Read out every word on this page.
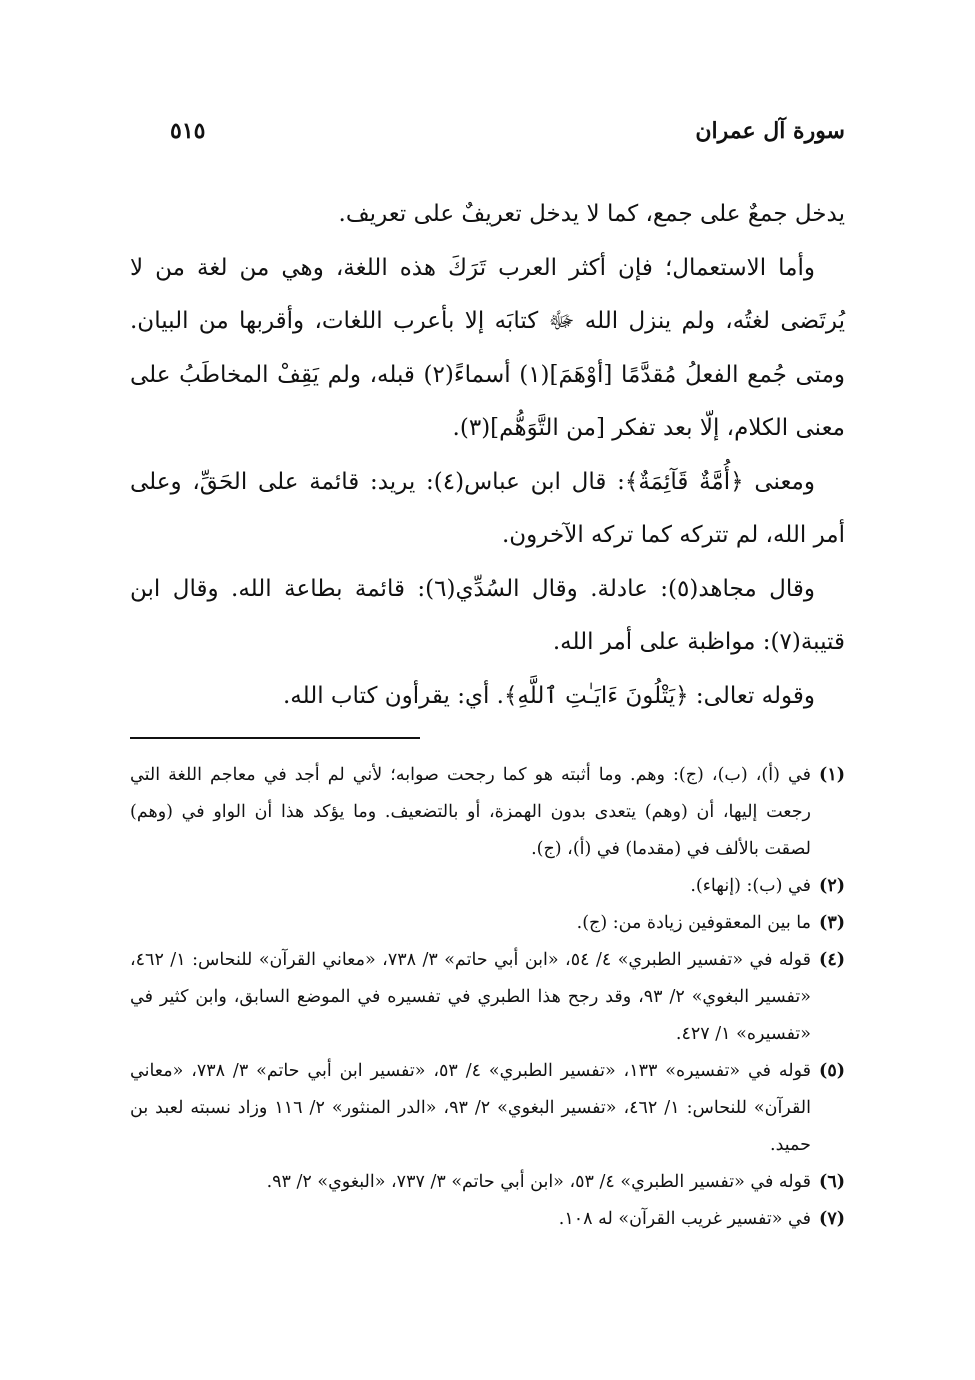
سورة آل عمران
٥١٥

يدخل جمعٌ على جمع، كما لا يدخل تعريفٌ على تعريف.

وأما الاستعمال؛ فإن أكثر العرب تَرَكَ هذه اللغة، وهي من لغة من لا يُرتَضى لغتُه، ولم ينزل الله ﷻ كتابَه إلا بأعرب اللغات، وأقربها من البيان. ومتى جُمع الفعلُ مُقدَّمًا [أوْهَمَ](١) أسماءً(٢) قبله، ولم يَقِفْ المخاطَبُ على معنى الكلام، إلّا بعد تفكر [من التَّوَهُّم](٣).

ومعنى ﴿أُمَّةٌ قَآئِمَةٌ﴾: قال ابن عباس(٤): يريد: قائمة على الحَقِّ، وعلى أمر الله، لم تتركه كما تركه الآخرون.

وقال مجاهد(٥): عادلة. وقال السُدِّي(٦): قائمة بطاعة الله. وقال ابن قتيبة(٧): مواظبة على أمر الله.

وقوله تعالى: ﴿يَتْلُونَ ءَايَـٰتِ ٱللَّهِ﴾. أي: يقرأون كتاب الله.

(١)
في (أ)، (ب)، (ج): وهم. وما أثبته هو كما رجحت صوابه؛ لأني لم أجد في معاجم اللغة التي رجعت إليها، أن (وهم) يتعدى بدون الهمزة، أو بالتضعيف. وما يؤكد هذا أن الواو في (وهم) لصقت بالألف في (مقدما) في (أ)، (ج).
(٢)
في (ب): (إنهاء).
(٣)
ما بين المعقوفين زيادة من: (ج).
(٤)
قوله في «تفسير الطبري» ٤/ ٥٤، «ابن أبي حاتم» ٣/ ٧٣٨، «معاني القرآن» للنحاس: ١/ ٤٦٢، «تفسير البغوي» ٢/ ٩٣، وقد رجح هذا الطبري في تفسيره في الموضع السابق، وابن كثير في «تفسيره» ١/ ٤٢٧.
(٥)
قوله في «تفسيره» ١٣٣، «تفسير الطبري» ٤/ ٥٣، «تفسير ابن أبي حاتم» ٣/ ٧٣٨، «معاني القرآن» للنحاس: ١/ ٤٦٢، «تفسير البغوي» ٢/ ٩٣، «الدر المنثور» ٢/ ١١٦ وزاد نسبته لعبد بن حميد.
(٦)
قوله في «تفسير الطبري» ٤/ ٥٣، «ابن أبي حاتم» ٣/ ٧٣٧، «البغوي» ٢/ ٩٣.
(٧)
في «تفسير غريب القرآن» له ١٠٨.
